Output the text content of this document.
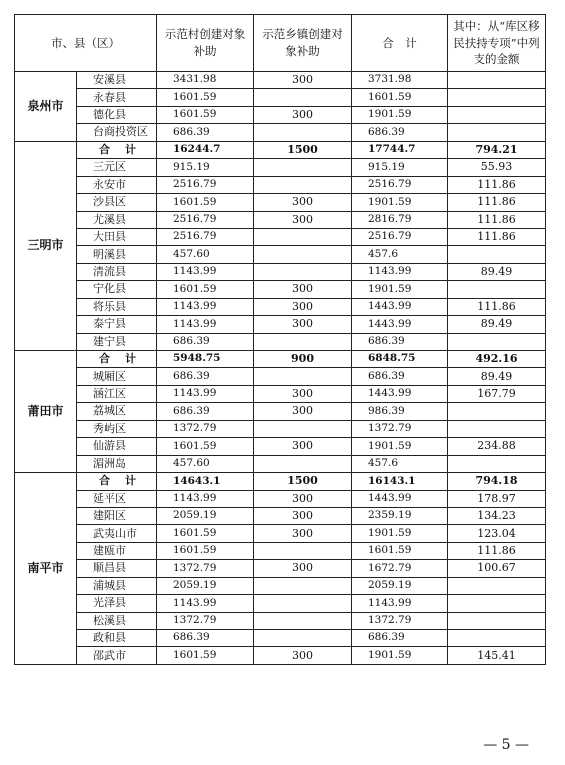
市、县（区）		示范村创建对象补助	示范乡镇创建对象补助	合　计	其中：从“库区移民扶持专项”中列支的金额
泉州市	安溪县	3431.98	300	3731.98	
	永春县	1601.59		1601.59	
	德化县	1601.59	300	1901.59	
	台商投资区	686.39		686.39	
三明市	合　计	16244.7	1500	17744.7	794.21
	三元区	915.19		915.19	55.93
	永安市	2516.79		2516.79	111.86
	沙县区	1601.59	300	1901.59	111.86
	尤溪县	2516.79	300	2816.79	111.86
	大田县	2516.79		2516.79	111.86
	明溪县	457.60		457.6	
	清流县	1143.99		1143.99	89.49
	宁化县	1601.59	300	1901.59	
	将乐县	1143.99	300	1443.99	111.86
	泰宁县	1143.99	300	1443.99	89.49
	建宁县	686.39		686.39	
莆田市	合　计	5948.75	900	6848.75	492.16
	城厢区	686.39		686.39	89.49
	涵江区	1143.99	300	1443.99	167.79
	荔城区	686.39	300	986.39	
	秀屿区	1372.79		1372.79	
	仙游县	1601.59	300	1901.59	234.88
	湄洲岛	457.60		457.6	
南平市	合　计	14643.1	1500	16143.1	794.18
	延平区	1143.99	300	1443.99	178.97
	建阳区	2059.19	300	2359.19	134.23
	武夷山市	1601.59	300	1901.59	123.04
	建瓯市	1601.59		1601.59	111.86
	顺昌县	1372.79	300	1672.79	100.67
	浦城县	2059.19		2059.19	
	光泽县	1143.99		1143.99	
	松溪县	1372.79		1372.79	
	政和县	686.39		686.39	
	邵武市	1601.59	300	1901.59	145.41
— 5 —
